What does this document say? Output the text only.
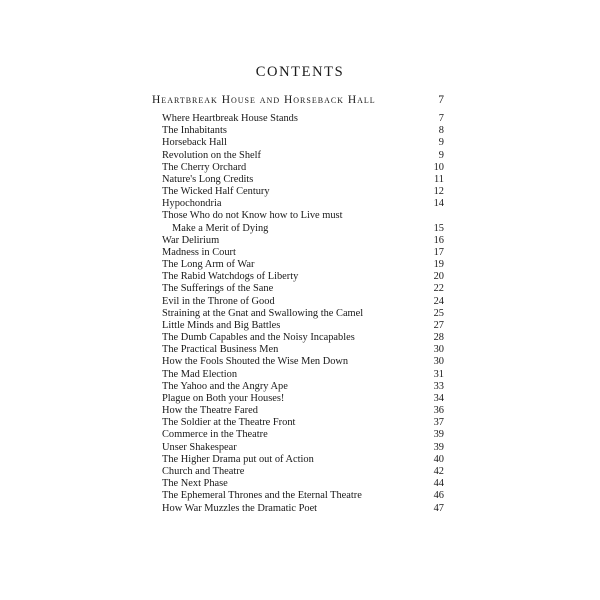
CONTENTS
Heartbreak House and Horseback Hall	7
Where Heartbreak House Stands	7
The Inhabitants	8
Horseback Hall	9
Revolution on the Shelf	9
The Cherry Orchard	10
Nature's Long Credits	11
The Wicked Half Century	12
Hypochondria	14
Those Who do not Know how to Live must
Make a Merit of Dying	15
War Delirium	16
Madness in Court	17
The Long Arm of War	19
The Rabid Watchdogs of Liberty	20
The Sufferings of the Sane	22
Evil in the Throne of Good	24
Straining at the Gnat and Swallowing the Camel	25
Little Minds and Big Battles	27
The Dumb Capables and the Noisy Incapables	28
The Practical Business Men	30
How the Fools Shouted the Wise Men Down	30
The Mad Election	31
The Yahoo and the Angry Ape	33
Plague on Both your Houses!	34
How the Theatre Fared	36
The Soldier at the Theatre Front	37
Commerce in the Theatre	39
Unser Shakespear	39
The Higher Drama put out of Action	40
Church and Theatre	42
The Next Phase	44
The Ephemeral Thrones and the Eternal Theatre	46
How War Muzzles the Dramatic Poet	47
